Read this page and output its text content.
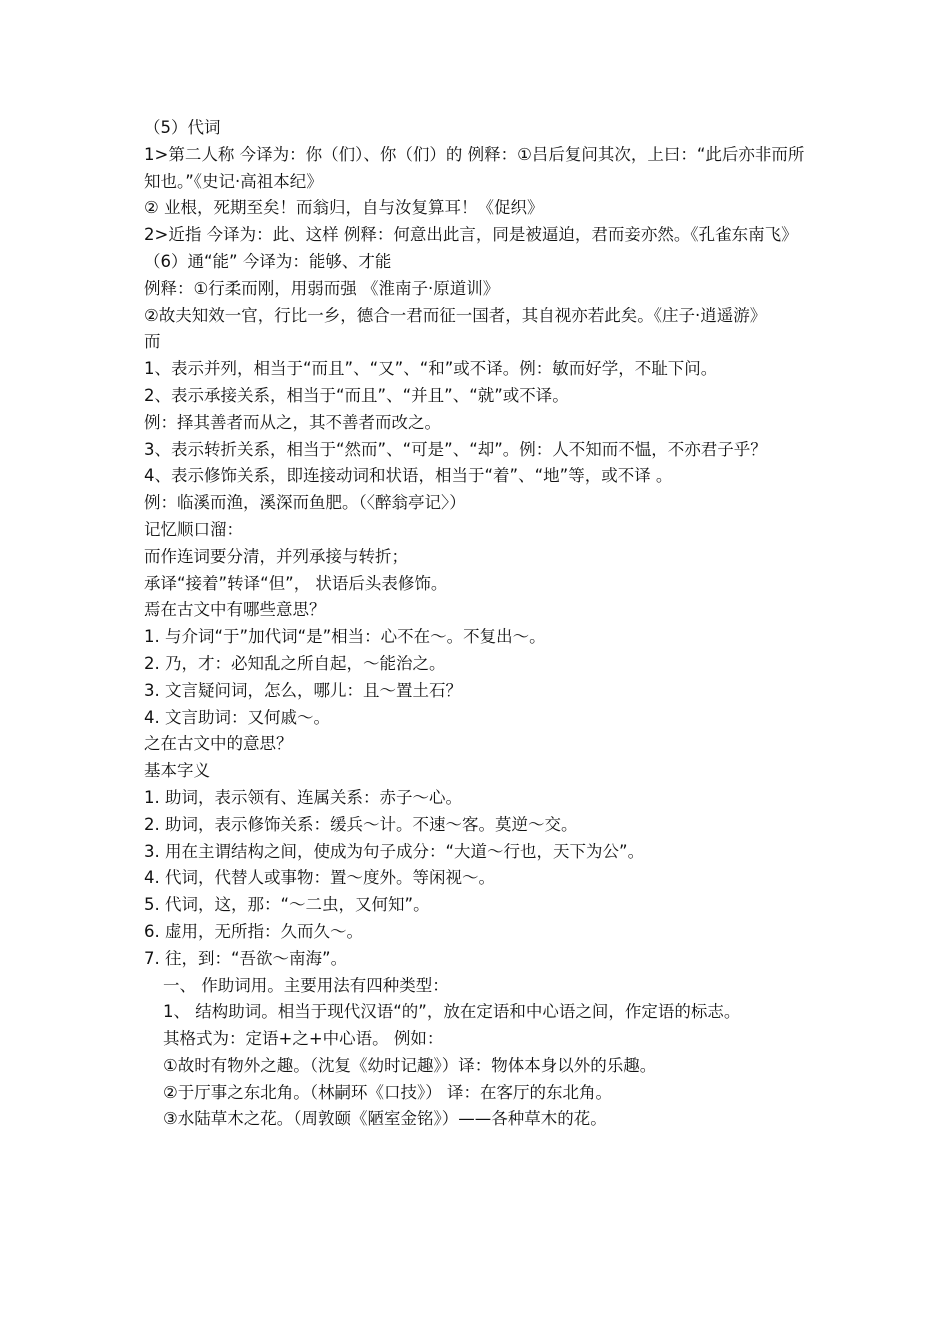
（5）代词

1>第二人称 今译为：你（们）、你（们）的 例释：①吕后复问其次，上曰：“此后亦非而所知也。”《史记·高祖本纪》

② 业根，死期至矣！而翁归，自与汝复算耳！《促织》

2>近指 今译为：此、这样 例释：何意出此言，同是被逼迫，君而妾亦然。《孔雀东南飞》

（6）通“能” 今译为：能够、才能

例释：①行柔而刚，用弱而强 《淮南子·原道训》

②故夫知效一官，行比一乡，德合一君而征一国者，其自视亦若此矣。《庄子·逍遥游》

而

1、表示并列，相当于“而且”、“又”、“和”或不译。例：敏而好学，不耻下问。

2、表示承接关系，相当于“而且”、“并且”、“就”或不译。

例：择其善者而从之，其不善者而改之。

3、表示转折关系，相当于“然而”、“可是”、“却”。例：人不知而不愠，不亦君子乎？

4、表示修饰关系，即连接动词和状语，相当于“着”、“地”等，或不译 。

例：临溪而渔，溪深而鱼肥。（〈醉翁亭记〉）

记忆顺口溜：

而作连词要分清，并列承接与转折；

承译“接着”转译“但”， 状语后头表修饰。

焉在古文中有哪些意思？

1. 与介词“于”加代词“是”相当：心不在～。不复出～。

2. 乃，才：必知乱之所自起，～能治之。

3. 文言疑问词，怎么，哪儿：且～置土石？

4. 文言助词：又何戚～。

之在古文中的意思？

基本字义

1. 助词，表示领有、连属关系：赤子～心。

2. 助词，表示修饰关系：缓兵～计。不速～客。莫逆～交。

3. 用在主谓结构之间，使成为句子成分：“大道～行也，天下为公”。

4. 代词，代替人或事物：置～度外。等闲视～。

5. 代词，这，那：“～二虫，又何知”。

6. 虚用，无所指：久而久～。

7. 往，到：“吾欲～南海”。

一、 作助词用。主要用法有四种类型：

1、 结构助词。相当于现代汉语“的”，放在定语和中心语之间，作定语的标志。

其格式为：定语+之+中心语。 例如：

①故时有物外之趣。（沈复《幼时记趣》）译：物体本身以外的乐趣。

②于厅事之东北角。（林嗣环《口技》） 译：在客厅的东北角。

③水陆草木之花。（周敦颐《陋室金铭》）——各种草木的花。
